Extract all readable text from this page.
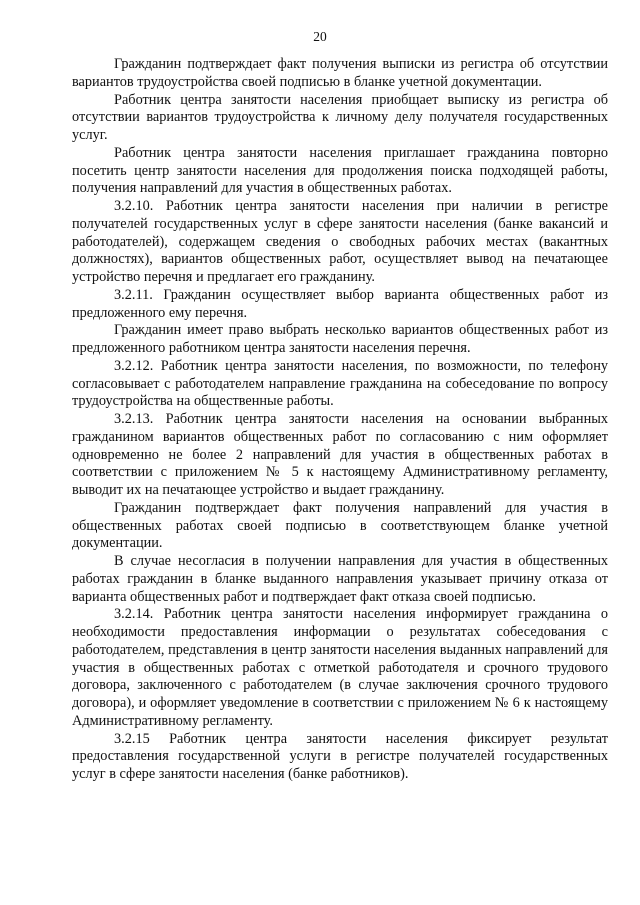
20

Гражданин подтверждает факт получения выписки из регистра об отсутствии вариантов трудоустройства своей подписью в бланке учетной документации.

Работник центра занятости населения приобщает выписку из регистра об отсутствии вариантов трудоустройства к личному делу получателя государственных услуг.

Работник центра занятости населения приглашает гражданина повторно посетить центр занятости населения для продолжения поиска подходящей работы, получения направлений для участия в общественных работах.

3.2.10. Работник центра занятости населения при наличии в регистре получателей государственных услуг в сфере занятости населения (банке вакансий и работодателей), содержащем сведения о свободных рабочих местах (вакантных должностях), вариантов общественных работ, осуществляет вывод на печатающее устройство перечня и предлагает его гражданину.

3.2.11. Гражданин осуществляет выбор варианта общественных работ из предложенного ему перечня.

Гражданин имеет право выбрать несколько вариантов общественных работ из предложенного работником центра занятости населения перечня.

3.2.12. Работник центра занятости населения, по возможности, по телефону согласовывает с работодателем направление гражданина на собеседование по вопросу трудоустройства на общественные работы.

3.2.13. Работник центра занятости населения на основании выбранных гражданином вариантов общественных работ по согласованию с ним оформляет одновременно не более 2 направлений для участия в общественных работах в соответствии с приложением № 5 к настоящему Административному регламенту, выводит их на печатающее устройство и выдает гражданину.

Гражданин подтверждает факт получения направлений для участия в общественных работах своей подписью в соответствующем бланке учетной документации.

В случае несогласия в получении направления для участия в общественных работах гражданин в бланке выданного направления указывает причину отказа от варианта общественных работ и подтверждает факт отказа своей подписью.

3.2.14. Работник центра занятости населения информирует гражданина о необходимости предоставления информации о результатах собеседования с работодателем, представления в центр занятости населения выданных направлений для участия в общественных работах с отметкой работодателя и срочного трудового договора, заключенного с работодателем (в случае заключения срочного трудового договора), и оформляет уведомление в соответствии с приложением № 6 к настоящему Административному регламенту.

3.2.15 Работник центра занятости населения фиксирует результат предоставления государственной услуги в регистре получателей государственных услуг в сфере занятости населения (банке работников).
